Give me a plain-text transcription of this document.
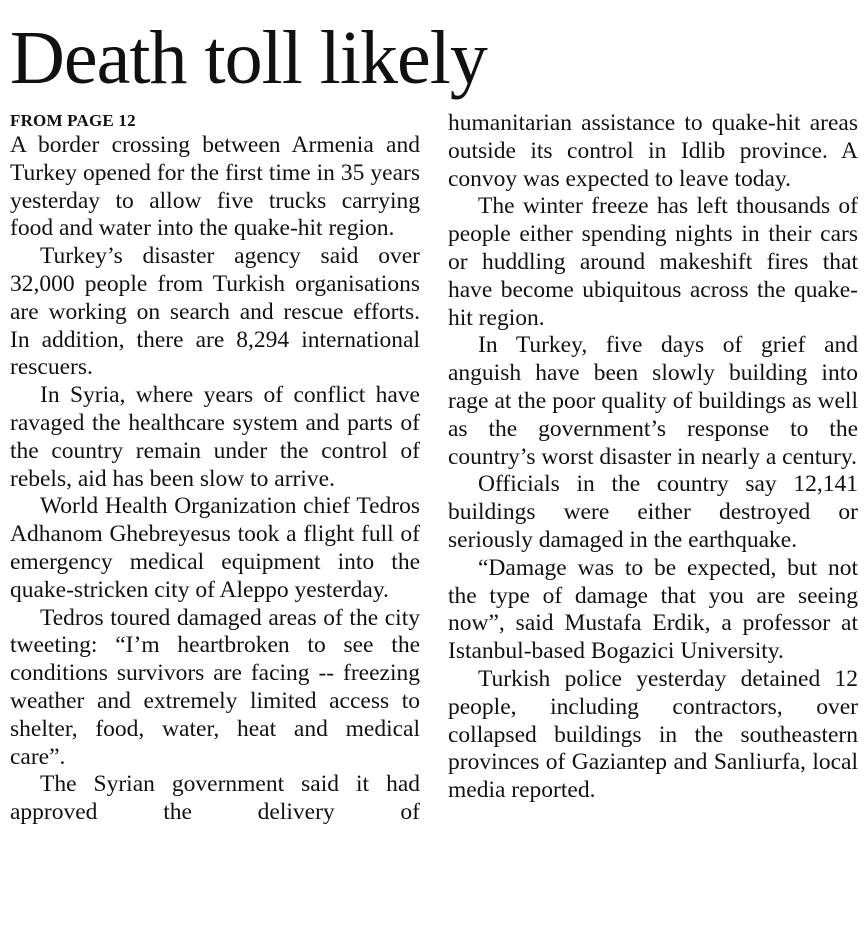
Death toll likely
FROM PAGE 12

A border crossing between Armenia and Turkey opened for the first time in 35 years yesterday to allow five trucks carrying food and water into the quake-hit region.

Turkey’s disaster agency said over 32,000 people from Turkish organisations are working on search and rescue efforts. In addition, there are 8,294 international rescuers.

In Syria, where years of conflict have ravaged the healthcare system and parts of the country remain under the control of rebels, aid has been slow to arrive.

World Health Organization chief Tedros Adhanom Ghebreyesus took a flight full of emergency medical equipment into the quake-stricken city of Aleppo yesterday.

Tedros toured damaged areas of the city tweeting: “I’m heartbroken to see the conditions survivors are facing -- freezing weather and extremely limited access to shelter, food, water, heat and medical care”.

The Syrian government said it had approved the delivery of

humanitarian assistance to quake-hit areas outside its control in Idlib province. A convoy was expected to leave today.

The winter freeze has left thousands of people either spending nights in their cars or huddling around makeshift fires that have become ubiquitous across the quake-hit region.

In Turkey, five days of grief and anguish have been slowly building into rage at the poor quality of buildings as well as the government’s response to the country’s worst disaster in nearly a century.

Officials in the country say 12,141 buildings were either destroyed or seriously damaged in the earthquake.

“Damage was to be expected, but not the type of damage that you are seeing now”, said Mustafa Erdik, a professor at Istanbul-based Bogazici University.

Turkish police yesterday detained 12 people, including contractors, over collapsed buildings in the southeastern provinces of Gaziantep and Sanliurfa, local media reported.
